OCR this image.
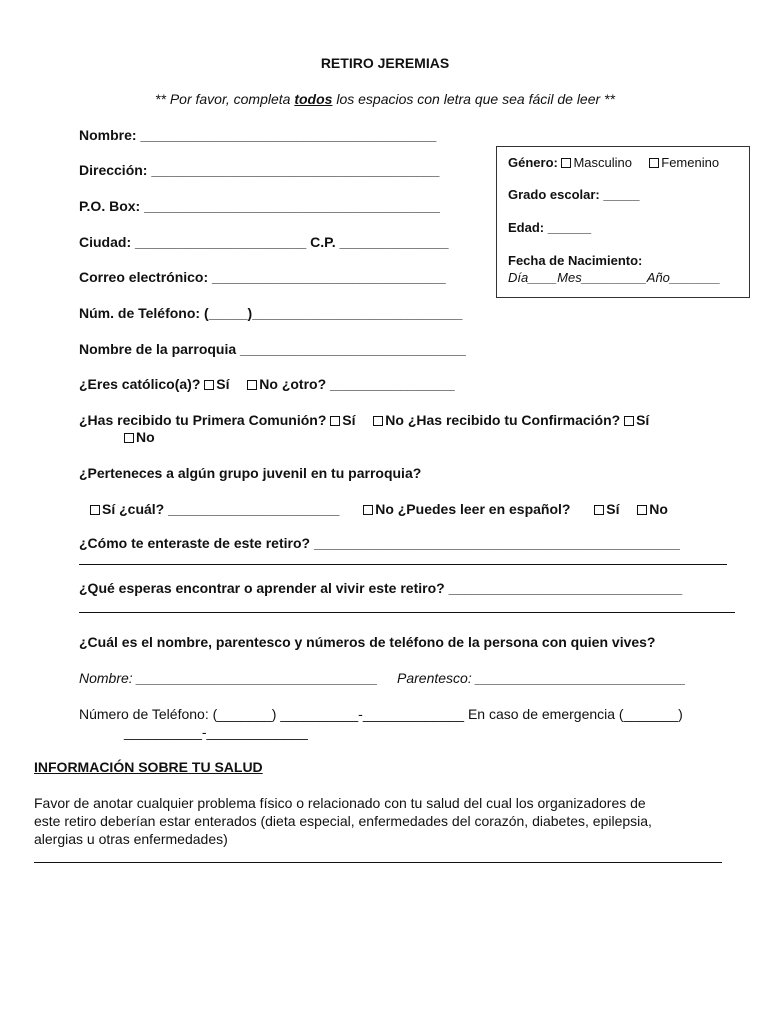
RETIRO JEREMIAS
** Por favor, completa todos los espacios con letra que sea fácil de leer **
Nombre: ______________________________________
Dirección: _____________________________________
P.O. Box: ______________________________________
Ciudad: ______________________ C.P. ______________
Correo electrónico: ______________________________
Núm. de Teléfono: (_____)___________________________
Nombre de la parroquia _____________________________
Género: Masculino Femenino
Grado escolar: _____
Edad: ______
Fecha de Nacimiento:
Día____Mes_________Año_______
¿Eres católico(a)? Sí No ¿otro? ________________
¿Has recibido tu Primera Comunión? Sí No ¿Has recibido tu Confirmación? Sí
No
¿Perteneces a algún grupo juvenil en tu parroquia?
Sí ¿cuál? ______________________	No ¿Puedes leer en español?	Sí No
¿Cómo te enteraste de este retiro? _______________________________________________
¿Qué esperas encontrar o aprender al vivir este retiro? ______________________________
¿Cuál es el nombre, parentesco y números de teléfono de la persona con quien vives?
Nombre: _______________________________ Parentesco: ___________________________
Número de Teléfono: (_______) __________-_____________ En caso de emergencia (_______)
__________-_____________
INFORMACIÓN SOBRE TU SALUD
Favor de anotar cualquier problema físico o relacionado con tu salud del cual los organizadores de
este retiro deberían estar enterados (dieta especial, enfermedades del corazón, diabetes, epilepsia,
alergias u otras enfermedades)
